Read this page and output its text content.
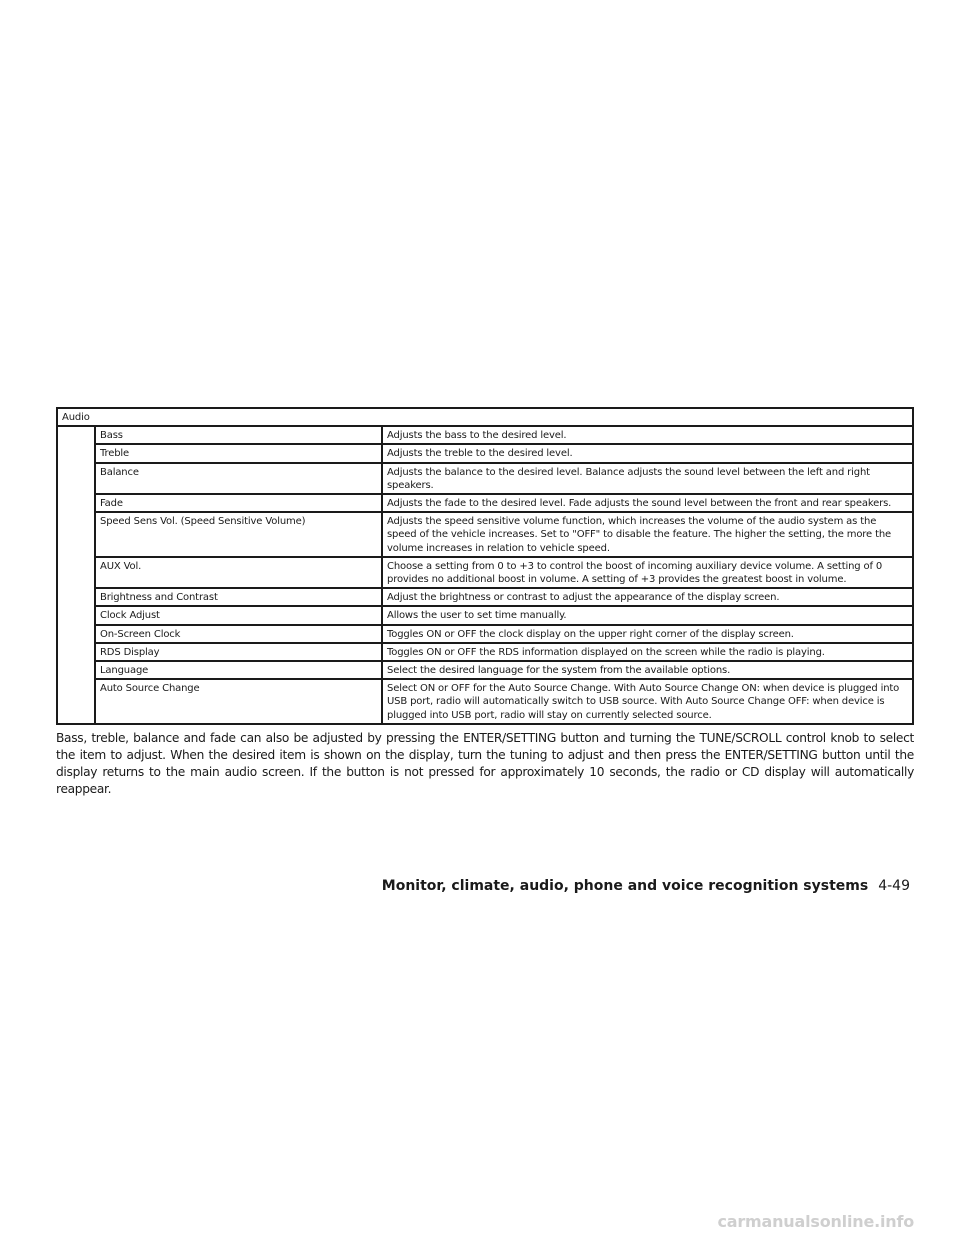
Audio		
	Bass	Adjusts the bass to the desired level.
	Treble	Adjusts the treble to the desired level.
	Balance	Adjusts the balance to the desired level. Balance adjusts the sound level between the left and right speakers.
	Fade	Adjusts the fade to the desired level. Fade adjusts the sound level between the front and rear speakers.
	Speed Sens Vol. (Speed Sensitive Volume)	Adjusts the speed sensitive volume function, which increases the volume of the audio system as the speed of the vehicle increases. Set to "OFF" to disable the feature. The higher the setting, the more the volume increases in relation to vehicle speed.
	AUX Vol.	Choose a setting from 0 to +3 to control the boost of incoming auxiliary device volume. A setting of 0 provides no additional boost in volume. A setting of +3 provides the greatest boost in volume.
	Brightness and Contrast	Adjust the brightness or contrast to adjust the appearance of the display screen.
	Clock Adjust	Allows the user to set time manually.
	On-Screen Clock	Toggles ON or OFF the clock display on the upper right corner of the display screen.
	RDS Display	Toggles ON or OFF the RDS information displayed on the screen while the radio is playing.
	Language	Select the desired language for the system from the available options.
	Auto Source Change	Select ON or OFF for the Auto Source Change. With Auto Source Change ON: when device is plugged into USB port, radio will automatically switch to USB source. With Auto Source Change OFF: when device is plugged into USB port, radio will stay on currently selected source.

Bass, treble, balance and fade can also be adjusted by pressing the ENTER/SETTING button and turning the TUNE/SCROLL control knob to select the item to adjust. When the desired item is shown on the display, turn the tuning to adjust and then press the ENTER/SETTING button until the display returns to the main audio screen. If the button is not pressed for approximately 10 seconds, the radio or CD display will automatically reappear.

Monitor, climate, audio, phone and voice recognition systems 4-49
carmanualsonline.info
